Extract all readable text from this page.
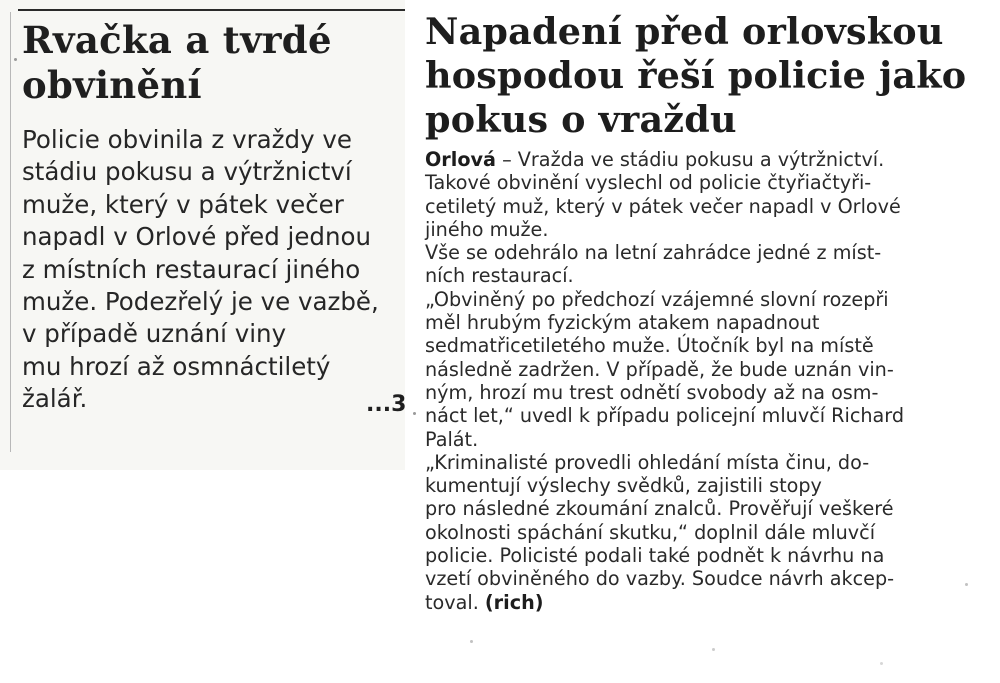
Rvačka a tvrdé
obvinění

Policie obvinila z vraždy ve
stádiu pokusu a výtržnictví
muže, který v pátek večer
napadl v Orlové před jednou
z místních restaurací jiného
muže. Podezřelý je ve vazbě,
v případě uznání viny
mu hrozí až osmnáctiletý
žalář.	...3
Napadení před orlovskou
hospodou řeší policie jako
pokus o vraždu
Orlová – Vražda ve stádiu pokusu a výtržnictví.
Takové obvinění vyslechl od policie čtyřiačtyři-
cetiletý muž, který v pátek večer napadl v Orlové
jiného muže.
Vše se odehrálo na letní zahrádce jedné z míst-
ních restaurací.
„Obviněný po předchozí vzájemné slovní rozepři
měl hrubým fyzickým atakem napadnout
sedmatřicetiletého muže. Útočník byl na místě
následně zadržen. V případě, že bude uznán vin-
ným, hrozí mu trest odnětí svobody až na osm-
náct let,“ uvedl k případu policejní mluvčí Richard
Palát.
„Kriminalisté provedli ohledání místa činu, do-
kumentují výslechy svědků, zajistili stopy
pro následné zkoumání znalců. Prověřují veškeré
okolnosti spáchání skutku,“ doplnil dále mluvčí
policie. Policisté podali také podnět k návrhu na
vzetí obviněného do vazby. Soudce návrh akcep-
toval. (rich)
